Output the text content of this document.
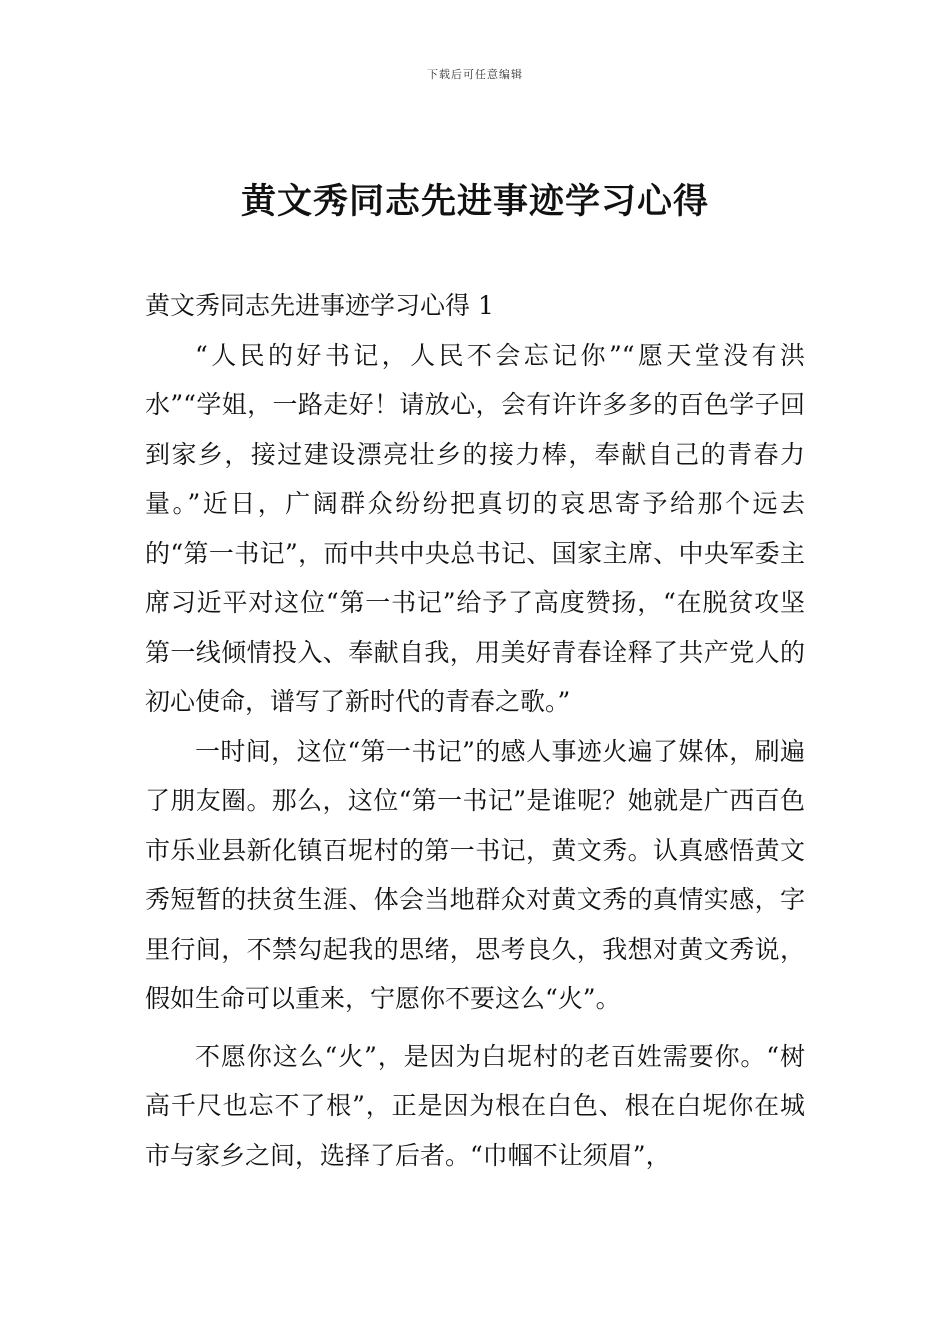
下载后可任意编辑
黄文秀同志先进事迹学习心得

黄文秀同志先进事迹学习心得 1

“人民的好书记，人民不会忘记你”“愿天堂没有洪水”“学姐，一路走好！请放心，会有许许多多的百色学子回到家乡，接过建设漂亮壮乡的接力棒，奉献自己的青春力量。”近日，广阔群众纷纷把真切的哀思寄予给那个远去的“第一书记”，而中共中央总书记、国家主席、中央军委主席习近平对这位“第一书记”给予了高度赞扬，“在脱贫攻坚第一线倾情投入、奉献自我，用美好青春诠释了共产党人的初心使命，谱写了新时代的青春之歌。”

一时间，这位“第一书记”的感人事迹火遍了媒体，刷遍了朋友圈。那么，这位“第一书记”是谁呢？她就是广西百色市乐业县新化镇百坭村的第一书记，黄文秀。认真感悟黄文秀短暂的扶贫生涯、体会当地群众对黄文秀的真情实感，字里行间，不禁勾起我的思绪，思考良久，我想对黄文秀说，假如生命可以重来，宁愿你不要这么“火”。

不愿你这么“火”，是因为白坭村的老百姓需要你。“树高千尺也忘不了根”，正是因为根在白色、根在白坭你在城市与家乡之间，选择了后者。“巾帼不让须眉”，
